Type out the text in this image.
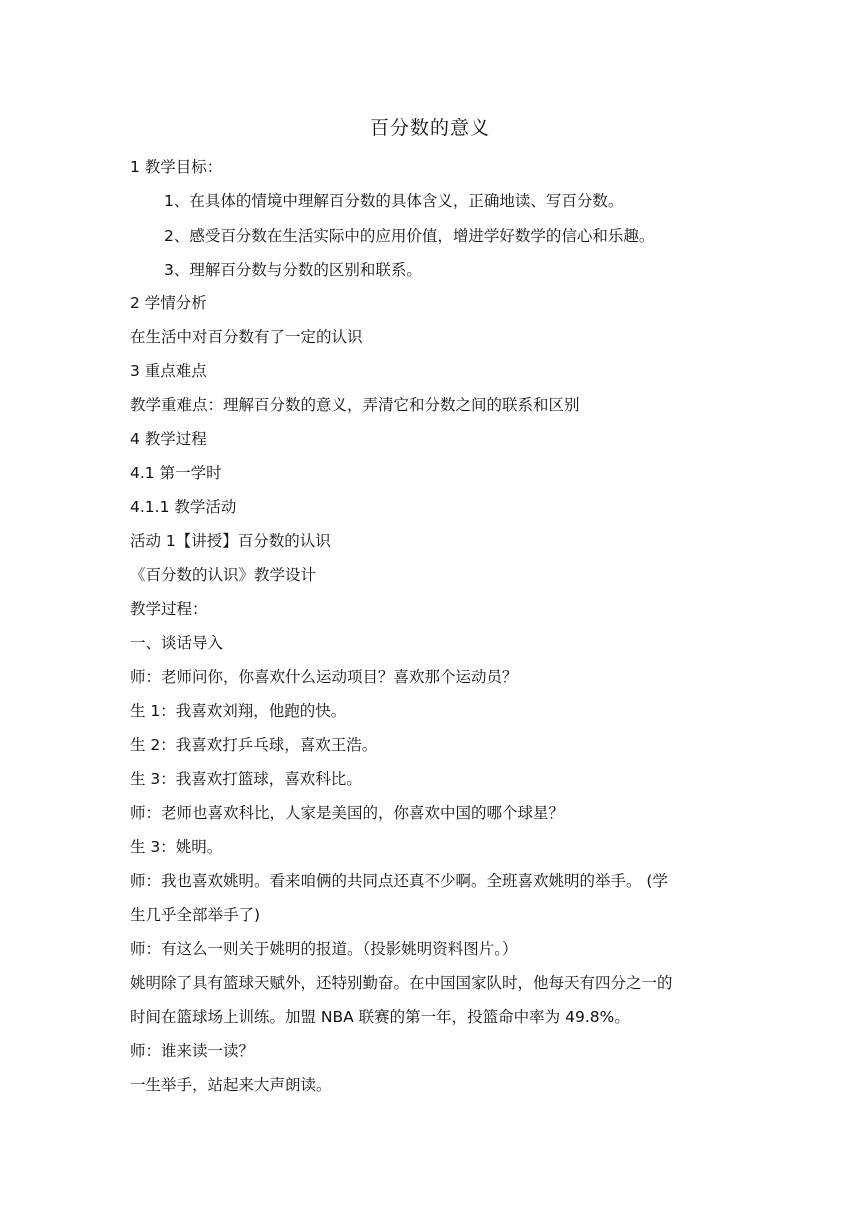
百分数的意义
1 教学目标：
1、在具体的情境中理解百分数的具体含义，正确地读、写百分数。
2、感受百分数在生活实际中的应用价值，增进学好数学的信心和乐趣。
3、理解百分数与分数的区别和联系。
2 学情分析
在生活中对百分数有了一定的认识
3 重点难点
教学重难点：理解百分数的意义，弄清它和分数之间的联系和区别
4 教学过程
4.1 第一学时
4.1.1 教学活动
活动 1【讲授】百分数的认识
《百分数的认识》教学设计
教学过程：
一、谈话导入
师：老师问你，你喜欢什么运动项目？喜欢那个运动员？
生 1：我喜欢刘翔，他跑的快。
生 2：我喜欢打乒乓球，喜欢王浩。
生 3：我喜欢打篮球，喜欢科比。
师：老师也喜欢科比，人家是美国的，你喜欢中国的哪个球星？
生 3：姚明。
师：我也喜欢姚明。看来咱俩的共同点还真不少啊。全班喜欢姚明的举手。 (学
生几乎全部举手了)
师：有这么一则关于姚明的报道。（投影姚明资料图片。）
姚明除了具有篮球天赋外，还特别勤奋。在中国国家队时，他每天有四分之一的
时间在篮球场上训练。加盟 NBA 联赛的第一年，投篮命中率为 49.8%。
师：谁来读一读？
一生举手，站起来大声朗读。
